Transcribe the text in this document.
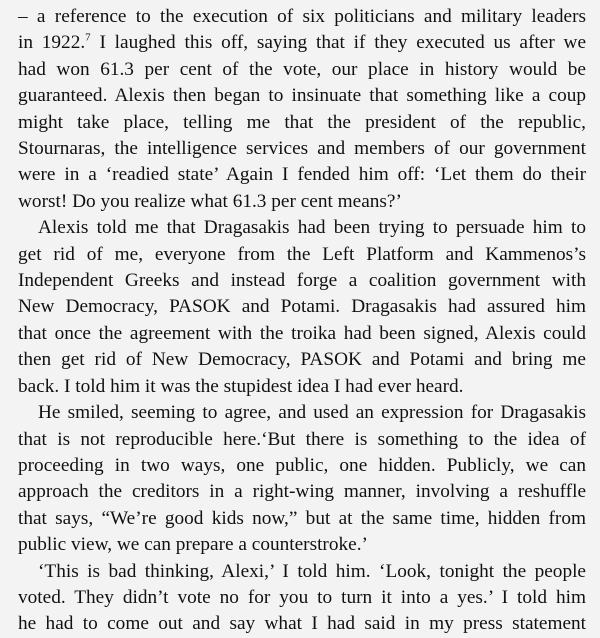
– a reference to the execution of six politicians and military leaders
in 1922.$^7$ I laughed this off, saying that if they executed us after we
had won 61.3 per cent of the vote, our place in history would be
guaranteed. Alexis then began to insinuate that something like a coup
might take place, telling me that the president of the republic,
Stournaras, the intelligence services and members of our government
were in a ‘readied state’ Again I fended him off: ‘Let them do their
worst! Do you realize what 61.3 per cent means?’

Alexis told me that Dragasakis had been trying to persuade him to
get rid of me, everyone from the Left Platform and Kammenos’s
Independent Greeks and instead forge a coalition government with
New Democracy, PASOK and Potami. Dragasakis had assured him
that once the agreement with the troika had been signed, Alexis could
then get rid of New Democracy, PASOK and Potami and bring me
back. I told him it was the stupidest idea I had ever heard.

He smiled, seeming to agree, and used an expression for Dragasakis
that is not reproducible here.‘But there is something to the idea of
proceeding in two ways, one public, one hidden. Publicly, we can
approach the creditors in a right-wing manner, involving a reshuffle
that says, “We’re good kids now,” but at the same time, hidden from
public view, we can prepare a counterstroke.’

‘This is bad thinking, Alexi,’ I told him. ‘Look, tonight the people
voted. They didn’t vote no for you to turn it into a yes.’ I told him
he had to come out and say what I had said in my press statement
